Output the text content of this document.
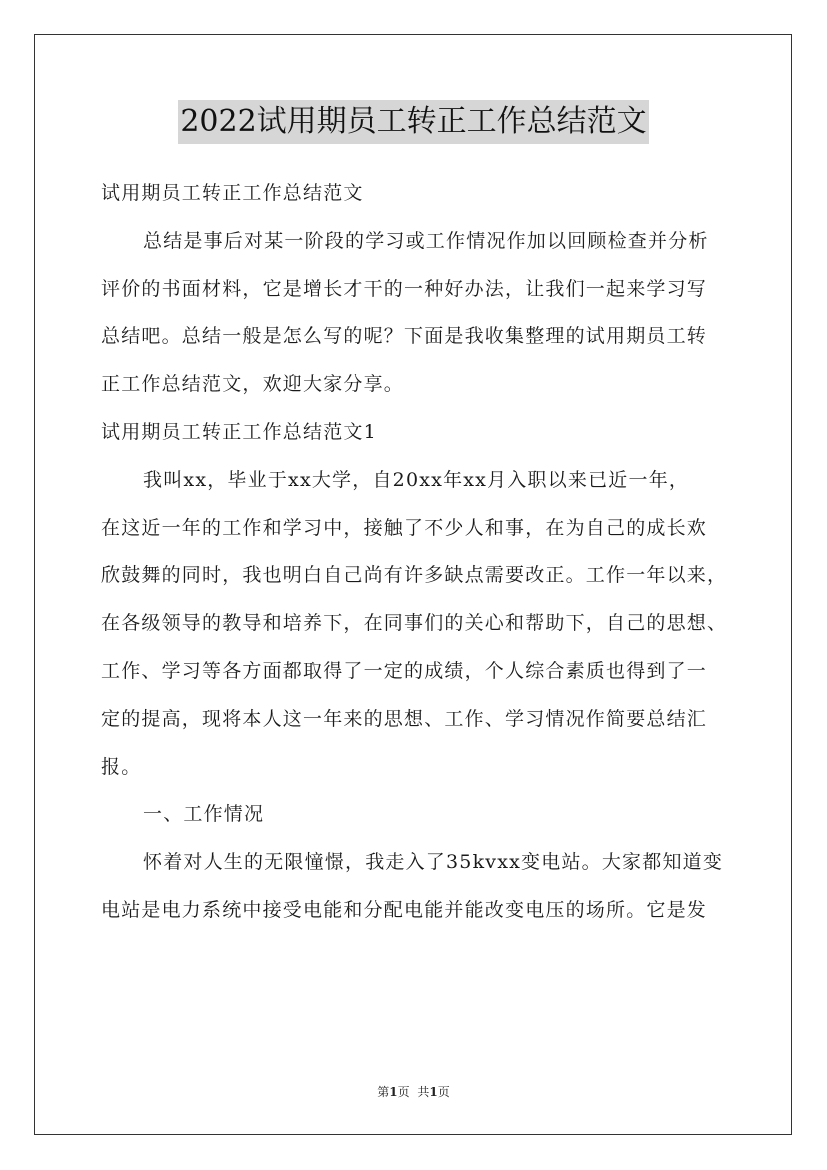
2022试用期员工转正工作总结范文

试用期员工转正工作总结范文

总结是事后对某一阶段的学习或工作情况作加以回顾检查并分析

评价的书面材料，它是增长才干的一种好办法，让我们一起来学习写

总结吧。总结一般是怎么写的呢？下面是我收集整理的试用期员工转

正工作总结范文，欢迎大家分享。

试用期员工转正工作总结范文1

我叫xx，毕业于xx大学，自20xx年xx月入职以来已近一年，

在这近一年的工作和学习中，接触了不少人和事，在为自己的成长欢

欣鼓舞的同时，我也明白自己尚有许多缺点需要改正。工作一年以来，

在各级领导的教导和培养下，在同事们的关心和帮助下，自己的思想、

工作、学习等各方面都取得了一定的成绩，个人综合素质也得到了一

定的提高，现将本人这一年来的思想、工作、学习情况作简要总结汇

报。

一、工作情况

怀着对人生的无限憧憬，我走入了35kvxx变电站。大家都知道变

电站是电力系统中接受电能和分配电能并能改变电压的场所。它是发

第1页 共1页
